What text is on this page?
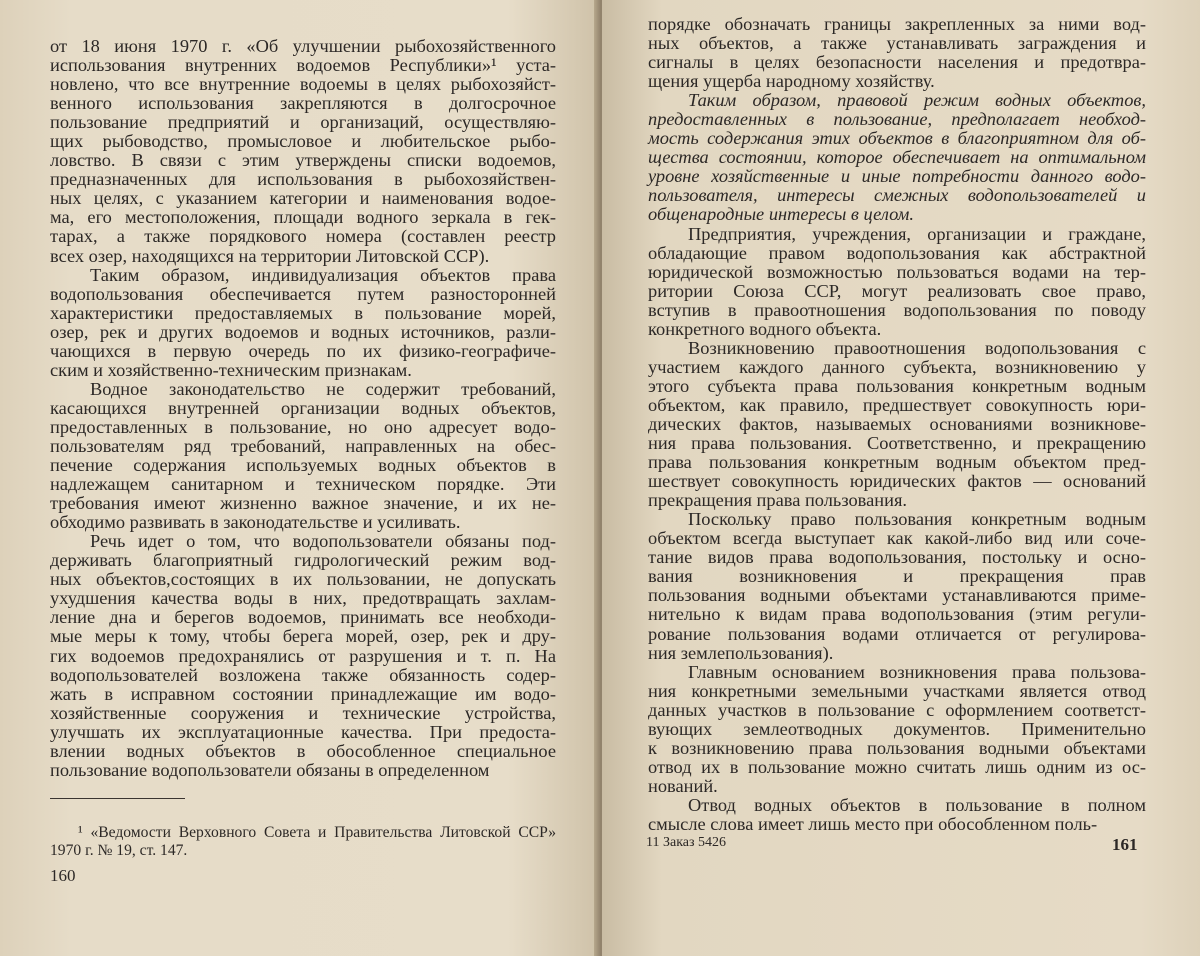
от 18 июня 1970 г. «Об улучшении рыбохозяйственного
использования внутренних водоемов Республики»¹ уста-
новлено, что все внутренние водоемы в целях рыбохозяйст-
венного использования закрепляются в долгосрочное
пользование предприятий и организаций, осуществляю-
щих рыбоводство, промысловое и любительское рыбо-
ловство. В связи с этим утверждены списки водоемов,
предназначенных для использования в рыбохозяйствен-
ных целях, с указанием категории и наименования водое-
ма, его местоположения, площади водного зеркала в гек-
тарах, а также порядкового номера (составлен реестр
всех озер, находящихся на территории Литовской ССР).

Таким образом, индивидуализация объектов права
водопользования обеспечивается путем разносторонней
характеристики предоставляемых в пользование морей,
озер, рек и других водоемов и водных источников, разли-
чающихся в первую очередь по их физико-географиче-
ским и хозяйственно-техническим признакам.

Водное законодательство не содержит требований,
касающихся внутренней организации водных объектов,
предоставленных в пользование, но оно адресует водо-
пользователям ряд требований, направленных на обес-
печение содержания используемых водных объектов в
надлежащем санитарном и техническом порядке. Эти
требования имеют жизненно важное значение, и их не-
обходимо развивать в законодательстве и усиливать.

Речь идет о том, что водопользователи обязаны под-
держивать благоприятный гидрологический режим вод-
ных объектов,состоящих в их пользовании, не допускать
ухудшения качества воды в них, предотвращать захлам-
ление дна и берегов водоемов, принимать все необходи-
мые меры к тому, чтобы берега морей, озер, рек и дру-
гих водоемов предохранялись от разрушения и т. п. На
водопользователей возложена также обязанность содер-
жать в исправном состоянии принадлежащие им водо-
хозяйственные сооружения и технические устройства,
улучшать их эксплуатационные качества. При предоста-
влении водных объектов в обособленное специальное
пользование водопользователи обязаны в определенном

¹ «Ведомости Верховного Совета и Правительства Литовской ССР» 1970 г. № 19, ст. 147.
160

порядке обозначать границы закрепленных за ними вод-
ных объектов, а также устанавливать заграждения и
сигналы в целях безопасности населения и предотвра-
щения ущерба народному хозяйству.

Таким образом, правовой режим водных объектов,
предоставленных в пользование, предполагает необход-
мость содержания этих объектов в благоприятном для об-
щества состоянии, которое обеспечивает на оптимальном
уровне хозяйственные и иные потребности данного водо-
пользователя, интересы смежных водопользователей и
общенародные интересы в целом.

Предприятия, учреждения, организации и граждане,
обладающие правом водопользования как абстрактной
юридической возможностью пользоваться водами на тер-
ритории Союза ССР, могут реализовать свое право,
вступив в правоотношения водопользования по поводу
конкретного водного объекта.

Возникновению правоотношения водопользования с
участием каждого данного субъекта, возникновению у
этого субъекта права пользования конкретным водным
объектом, как правило, предшествует совокупность юри-
дических фактов, называемых основаниями возникнове-
ния права пользования. Соответственно, и прекращению
права пользования конкретным водным объектом пред-
шествует совокупность юридических фактов — оснований
прекращения права пользования.

Поскольку право пользования конкретным водным
объектом всегда выступает как какой-либо вид или соче-
тание видов права водопользования, постольку и осно-
вания возникновения и прекращения прав
пользования водными объектами устанавливаются приме-
нительно к видам права водопользования (этим регули-
рование пользования водами отличается от регулирова-
ния землепользования).

Главным основанием возникновения права пользова-
ния конкретными земельными участками является отвод
данных участков в пользование с оформлением соответст-
вующих землеотводных документов. Применительно
к возникновению права пользования водными объектами
отвод их в пользование можно считать лишь одним из ос-
нований.

Отвод водных объектов в пользование в полном
смысле слова имеет лишь место при обособленном поль-

11 Заказ 5426	161
